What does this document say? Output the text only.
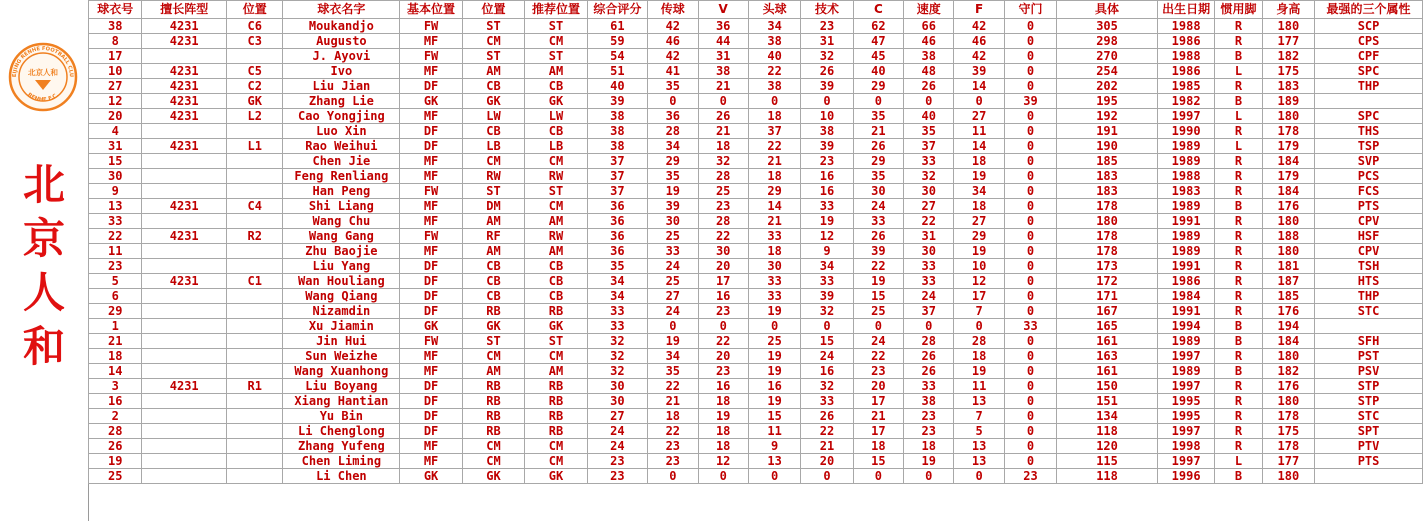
EIJING RENHE FOOTBALL CLU
RENHE F.C.
北京人和
北
京
人
和
球衣号	擅长阵型	位置	球衣名字	基本位置	位置	推荐位置	综合评分	传球	V	头球	技术	C	速度	F	守门	具体	出生日期	惯用脚	身高	最强的三个属性
38	4231	C6	Moukandjo	FW	ST	ST	61	42	36	34	23	62	66	42	0	305	1988	R	180	SCP
8	4231	C3	Augusto	MF	CM	CM	59	46	44	38	31	47	46	46	0	298	1986	R	177	CPS
17			J. Ayovi	FW	ST	ST	54	42	31	40	32	45	38	42	0	270	1988	B	182	CPF
10	4231	C5	Ivo	MF	AM	AM	51	41	38	22	26	40	48	39	0	254	1986	L	175	SPC
27	4231	C2	Liu Jian	DF	CB	CB	40	35	21	38	39	29	26	14	0	202	1985	R	183	THP
12	4231	GK	Zhang Lie	GK	GK	GK	39	0	0	0	0	0	0	0	39	195	1982	B	189	
20	4231	L2	Cao Yongjing	MF	LW	LW	38	36	26	18	10	35	40	27	0	192	1997	L	180	SPC
4			Luo Xin	DF	CB	CB	38	28	21	37	38	21	35	11	0	191	1990	R	178	THS
31	4231	L1	Rao Weihui	DF	LB	LB	38	34	18	22	39	26	37	14	0	190	1989	L	179	TSP
15			Chen Jie	MF	CM	CM	37	29	32	21	23	29	33	18	0	185	1989	R	184	SVP
30			Feng Renliang	MF	RW	RW	37	35	28	18	16	35	32	19	0	183	1988	R	179	PCS
9			Han Peng	FW	ST	ST	37	19	25	29	16	30	30	34	0	183	1983	R	184	FCS
13	4231	C4	Shi Liang	MF	DM	CM	36	39	23	14	33	24	27	18	0	178	1989	B	176	PTS
33			Wang Chu	MF	AM	AM	36	30	28	21	19	33	22	27	0	180	1991	R	180	CPV
22	4231	R2	Wang Gang	FW	RF	RW	36	25	22	33	12	26	31	29	0	178	1989	R	188	HSF
11			Zhu Baojie	MF	AM	AM	36	33	30	18	9	39	30	19	0	178	1989	R	180	CPV
23			Liu Yang	DF	CB	CB	35	24	20	30	34	22	33	10	0	173	1991	R	181	TSH
5	4231	C1	Wan Houliang	DF	CB	CB	34	25	17	33	33	19	33	12	0	172	1986	R	187	HTS
6			Wang Qiang	DF	CB	CB	34	27	16	33	39	15	24	17	0	171	1984	R	185	THP
29			Nizamdin	DF	RB	RB	33	24	23	19	32	25	37	7	0	167	1991	R	176	STC
1			Xu Jiamin	GK	GK	GK	33	0	0	0	0	0	0	0	33	165	1994	B	194	
21			Jin Hui	FW	ST	ST	32	19	22	25	15	24	28	28	0	161	1989	B	184	SFH
18			Sun Weizhe	MF	CM	CM	32	34	20	19	24	22	26	18	0	163	1997	R	180	PST
14			Wang Xuanhong	MF	AM	AM	32	35	23	19	16	23	26	19	0	161	1989	B	182	PSV
3	4231	R1	Liu Boyang	DF	RB	RB	30	22	16	16	32	20	33	11	0	150	1997	R	176	STP
16			Xiang Hantian	DF	RB	RB	30	21	18	19	33	17	38	13	0	151	1995	R	180	STP
2			Yu Bin	DF	RB	RB	27	18	19	15	26	21	23	7	0	134	1995	R	178	STC
28			Li Chenglong	DF	RB	RB	24	22	18	11	22	17	23	5	0	118	1997	R	175	SPT
26			Zhang Yufeng	MF	CM	CM	24	23	18	9	21	18	18	13	0	120	1998	R	178	PTV
19			Chen Liming	MF	CM	CM	23	23	12	13	20	15	19	13	0	115	1997	L	177	PTS
25			Li Chen	GK	GK	GK	23	0	0	0	0	0	0	0	23	118	1996	B	180	
